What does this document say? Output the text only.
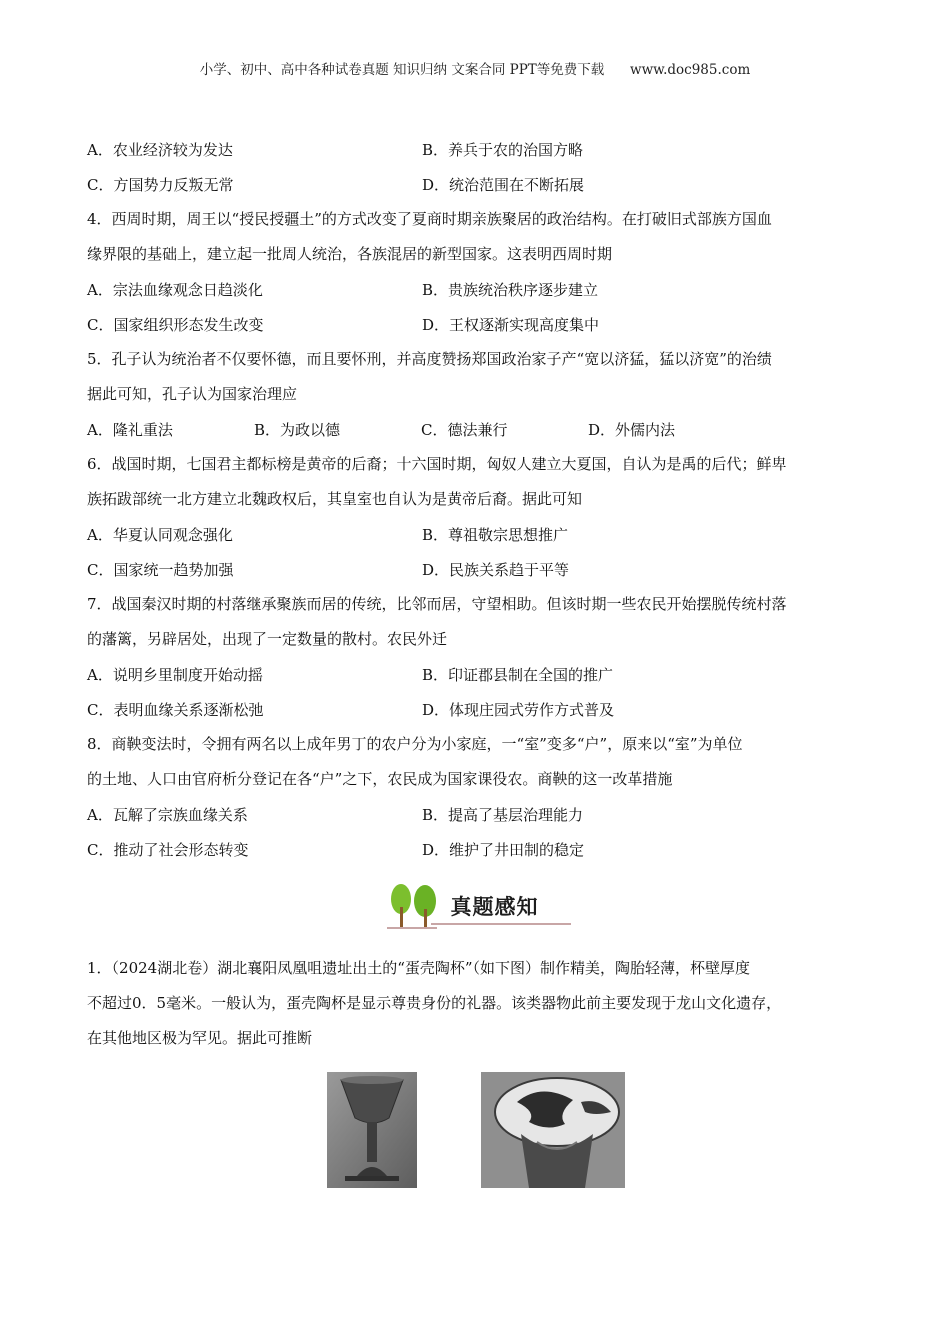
小学、初中、高中各种试卷真题 知识归纳 文案合同 PPT等免费下载 www.doc985.com
A．农业经济较为发达	B．养兵于农的治国方略
C．方国势力反叛无常	D．统治范围在不断拓展
4．西周时期，周王以“授民授疆土”的方式改变了夏商时期亲族聚居的政治结构。在打破旧式部族方国血
缘界限的基础上，建立起一批周人统治，各族混居的新型国家。这表明西周时期
A．宗法血缘观念日趋淡化	B．贵族统治秩序逐步建立
C．国家组织形态发生改变	D．王权逐渐实现高度集中
5．孔子认为统治者不仅要怀德，而且要怀刑，并高度赞扬郑国政治家子产“宽以济猛，猛以济宽”的治绩
据此可知，孔子认为国家治理应
A．隆礼重法	B．为政以德	C．德法兼行	D．外儒内法
6．战国时期，七国君主都标榜是黄帝的后裔；十六国时期，匈奴人建立大夏国，自认为是禹的后代；鲜卑
族拓跋部统一北方建立北魏政权后，其皇室也自认为是黄帝后裔。据此可知
A．华夏认同观念强化	B．尊祖敬宗思想推广
C．国家统一趋势加强	D．民族关系趋于平等
7．战国秦汉时期的村落继承聚族而居的传统，比邻而居，守望相助。但该时期一些农民开始摆脱传统村落
的藩篱，另辟居处，出现了一定数量的散村。农民外迁
A．说明乡里制度开始动摇	B．印证郡县制在全国的推广
C．表明血缘关系逐渐松弛	D．体现庄园式劳作方式普及
8．商鞅变法时，令拥有两名以上成年男丁的农户分为小家庭，一“室”变多“户”，原来以“室”为单位
的土地、人口由官府析分登记在各“户”之下，农民成为国家课役农。商鞅的这一改革措施
A．瓦解了宗族血缘关系	B．提高了基层治理能力
C．推动了社会形态转变	D．维护了井田制的稳定
真题感知
1．（2024湖北卷）湖北襄阳凤凰咀遗址出土的“蛋壳陶杯”（如下图）制作精美，陶胎轻薄，杯壁厚度
不超过0．5毫米。一般认为，蛋壳陶杯是显示尊贵身份的礼器。该类器物此前主要发现于龙山文化遗存，
在其他地区极为罕见。据此可推断
